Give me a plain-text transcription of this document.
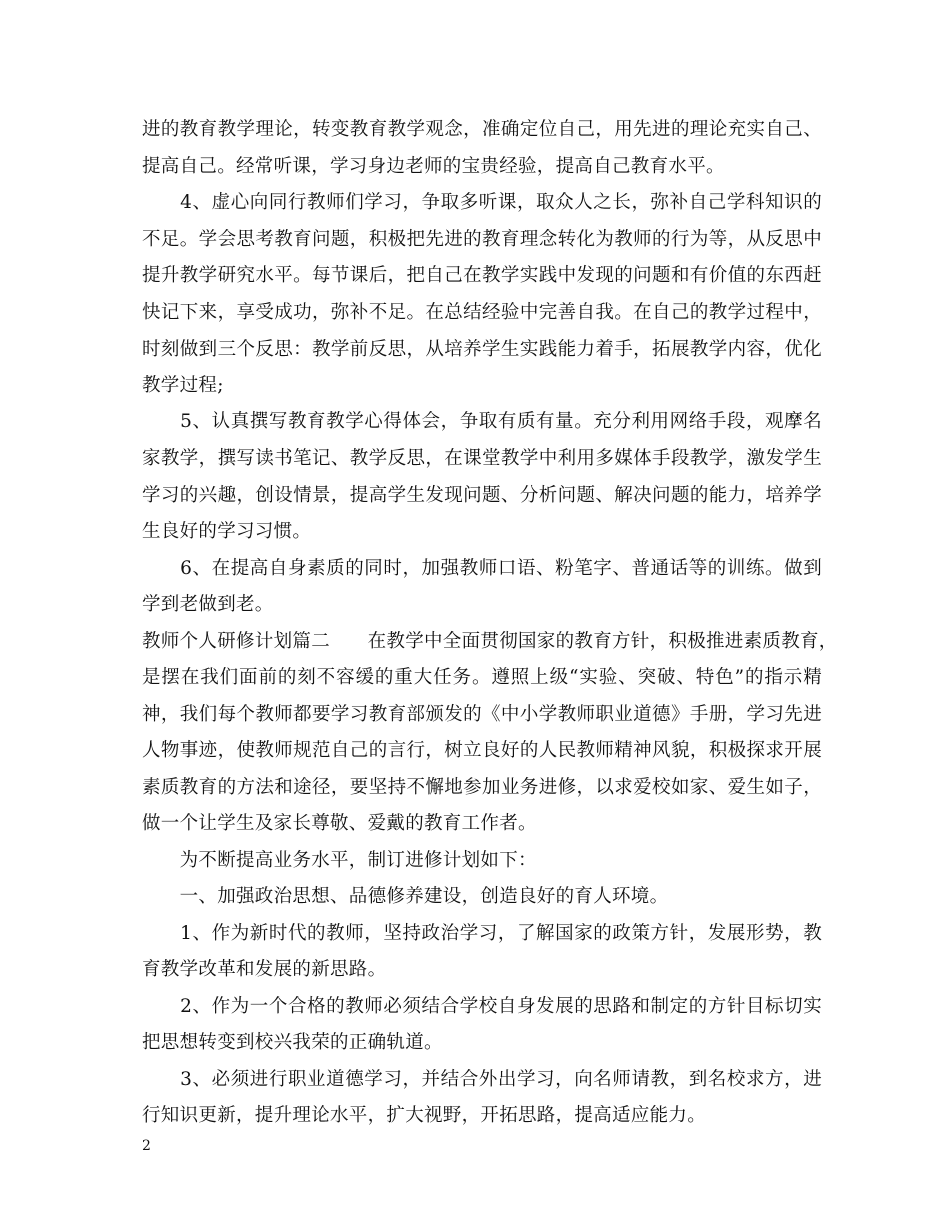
进的教育教学理论，转变教育教学观念，准确定位自己，用先进的理论充实自己、
提高自己。经常听课，学习身边老师的宝贵经验，提高自己教育水平。
　　4、虚心向同行教师们学习，争取多听课，取众人之长，弥补自己学科知识的
不足。学会思考教育问题，积极把先进的教育理念转化为教师的行为等，从反思中
提升教学研究水平。每节课后，把自己在教学实践中发现的问题和有价值的东西赶
快记下来，享受成功，弥补不足。在总结经验中完善自我。在自己的教学过程中，
时刻做到三个反思：教学前反思，从培养学生实践能力着手，拓展教学内容，优化
教学过程;
　　5、认真撰写教育教学心得体会，争取有质有量。充分利用网络手段，观摩名
家教学，撰写读书笔记、教学反思，在课堂教学中利用多媒体手段教学，激发学生
学习的兴趣，创设情景，提高学生发现问题、分析问题、解决问题的能力，培养学
生良好的学习习惯。
　　6、在提高自身素质的同时，加强教师口语、粉笔字、普通话等的训练。做到
学到老做到老。
教师个人研修计划篇二　　在教学中全面贯彻国家的教育方针，积极推进素质教育，
是摆在我们面前的刻不容缓的重大任务。遵照上级“实验、突破、特色”的指示精
神，我们每个教师都要学习教育部颁发的《中小学教师职业道德》手册，学习先进
人物事迹，使教师规范自己的言行，树立良好的人民教师精神风貌，积极探求开展
素质教育的方法和途径，要坚持不懈地参加业务进修，以求爱校如家、爱生如子，
做一个让学生及家长尊敬、爱戴的教育工作者。
　　为不断提高业务水平，制订进修计划如下：
　　一、加强政治思想、品德修养建设，创造良好的育人环境。
　　1、作为新时代的教师，坚持政治学习，了解国家的政策方针，发展形势，教
育教学改革和发展的新思路。
　　2、作为一个合格的教师必须结合学校自身发展的思路和制定的方针目标切实
把思想转变到校兴我荣的正确轨道。
　　3、必须进行职业道德学习，并结合外出学习，向名师请教，到名校求方，进
行知识更新，提升理论水平，扩大视野，开拓思路，提高适应能力。
2
